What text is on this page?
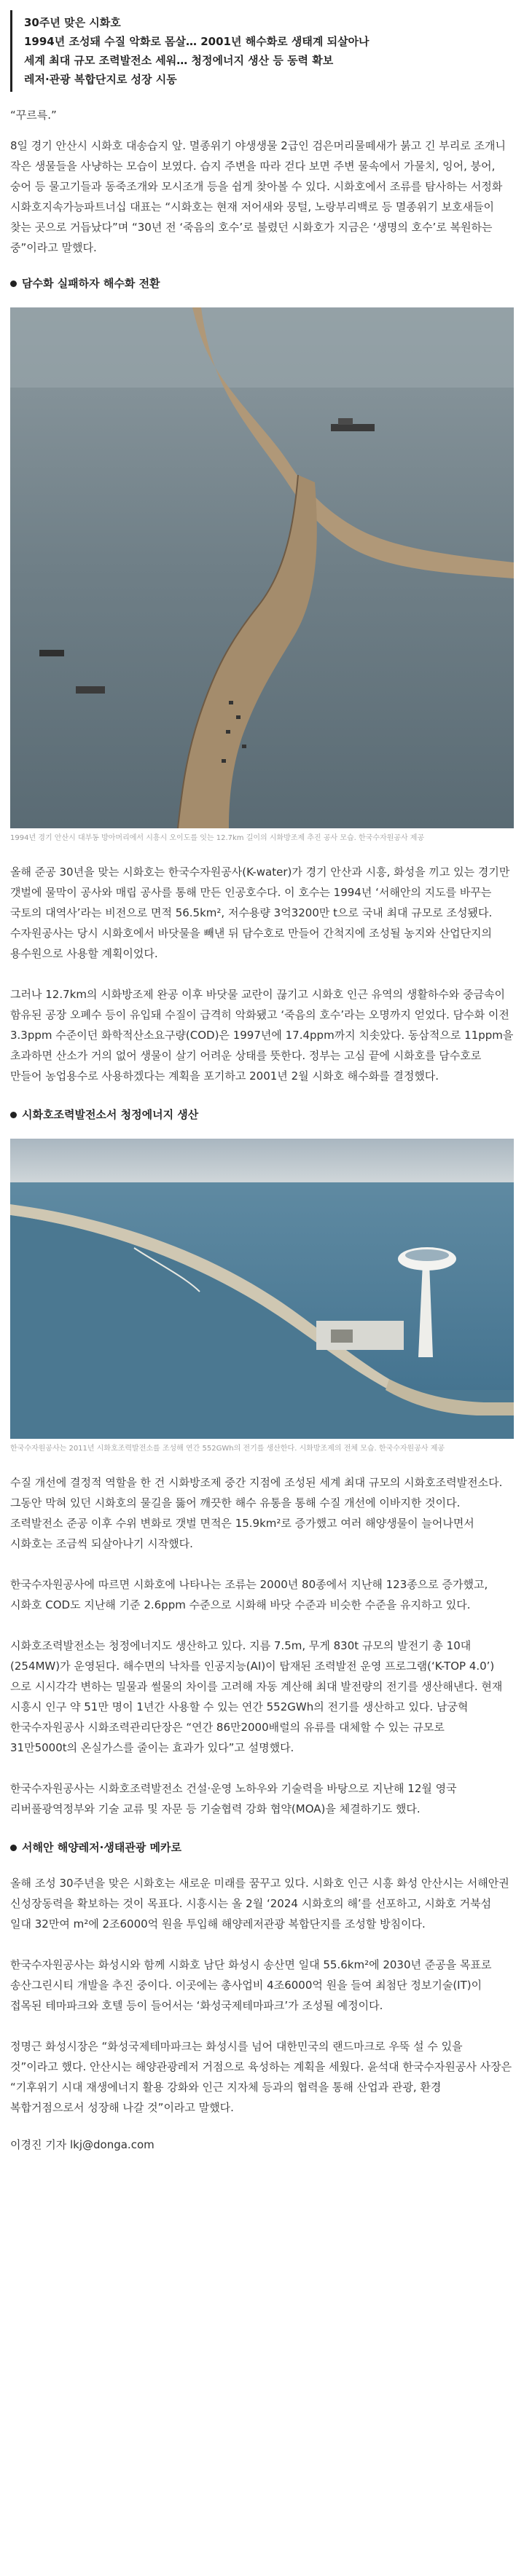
30주년 맞은 시화호
1994년 조성돼 수질 악화로 몸살… 2001년 해수화로 생태계 되살아나
세계 최대 규모 조력발전소 세워… 청정에너지 생산 등 동력 확보
레저·관광 복합단지로 성장 시동

“꾸르륵.”

8일 경기 안산시 시화호 대송습지 앞. 멸종위기 야생생물 2급인 검은머리물떼새가 붉고 긴 부리로 조개니 작은 생물들을 사냥하는 모습이 보였다. 습지 주변을 따라 걷다 보면 주변 물속에서 가물치, 잉어, 붕어, 숭어 등 물고기들과 동죽조개와 모시조개 등을 쉽게 찾아볼 수 있다. 시화호에서 조류를 탐사하는 서정화 시화호지속가능파트너십 대표는 “시화호는 현재 저어새와 뭉털, 노랑부리백로 등 멸종위기 보호새들이 찾는 곳으로 거듭났다”며 “30년 전 ‘죽음의 호수’로 불렸던 시화호가 지금은 ‘생명의 호수’로 복원하는 중”이라고 말했다.

담수화 실패하자 해수화 전환

1994년 경기 안산시 대부동 방아머리에서 시흥시 오이도를 잇는 12.7km 길이의 시화방조제 추진 공사 모습. 한국수자원공사 제공

올해 준공 30년을 맞는 시화호는 한국수자원공사(K-water)가 경기 안산과 시흥, 화성을 끼고 있는 경기만 갯벌에 물막이 공사와 매립 공사를 통해 만든 인공호수다. 이 호수는 1994년 ‘서해안의 지도를 바꾸는 국토의 대역사’라는 비전으로 면적 56.5km², 저수용량 3억3200만 t으로 국내 최대 규모로 조성됐다. 수자원공사는 당시 시화호에서 바닷물을 빼낸 뒤 담수호로 만들어 간척지에 조성될 농지와 산업단지의 용수원으로 사용할 계획이었다.

그러나 12.7km의 시화방조제 완공 이후 바닷물 교란이 끊기고 시화호 인근 유역의 생활하수와 중금속이 함유된 공장 오폐수 등이 유입돼 수질이 급격히 악화됐고 ‘죽음의 호수’라는 오명까지 얻었다. 담수화 이전 3.3ppm 수준이던 화학적산소요구량(COD)은 1997년에 17.4ppm까지 치솟았다. 동삼적으로 11ppm을 초과하면 산소가 거의 없어 생물이 살기 어려운 상태를 뜻한다. 정부는 고심 끝에 시화호를 담수호로 만들어 농업용수로 사용하겠다는 계획을 포기하고 2001년 2월 시화호 해수화를 결정했다.

시화호조력발전소서 청정에너지 생산

한국수자원공사는 2011년 시화호조력발전소를 조성해 연간 552GWh의 전기를 생산한다. 시화방조제의 전체 모습. 한국수자원공사 제공

수질 개선에 결정적 역할을 한 건 시화방조제 중간 지점에 조성된 세계 최대 규모의 시화호조력발전소다. 그동안 막혀 있던 시화호의 물길을 뚫어 깨끗한 해수 유통을 통해 수질 개선에 이바지한 것이다. 조력발전소 준공 이후 수위 변화로 갯벌 면적은 15.9km²로 증가했고 여러 해양생물이 늘어나면서 시화호는 조금씩 되살아나기 시작했다.

한국수자원공사에 따르면 시화호에 나타나는 조류는 2000년 80종에서 지난해 123종으로 증가했고, 시화호 COD도 지난해 기준 2.6ppm 수준으로 시화해 바닷 수준과 비슷한 수준을 유지하고 있다.

시화호조력발전소는 청정에너지도 생산하고 있다. 지름 7.5m, 무게 830t 규모의 발전기 총 10대(254MW)가 운영된다. 해수면의 낙차를 인공지능(AI)이 탑재된 조력발전 운영 프로그램(‘K-TOP 4.0’)으로 시시각각 변하는 밀물과 썰물의 차이를 고려해 자동 계산해 최대 발전량의 전기를 생산해낸다. 현재 시흥시 인구 약 51만 명이 1년간 사용할 수 있는 연간 552GWh의 전기를 생산하고 있다. 남궁혁 한국수자원공사 시화조력관리단장은 “연간 86만2000배럴의 유류를 대체할 수 있는 규모로 31만5000t의 온실가스를 줄이는 효과가 있다”고 설명했다.

한국수자원공사는 시화호조력발전소 건설·운영 노하우와 기술력을 바탕으로 지난해 12월 영국 리버풀광역정부와 기술 교류 및 자문 등 기술협력 강화 협약(MOA)을 체결하기도 했다.

서해안 해양레저·생태관광 메카로

올해 조성 30주년을 맞은 시화호는 새로운 미래를 꿈꾸고 있다. 시화호 인근 시흥 화성 안산시는 서해안권 신성장동력을 확보하는 것이 목표다. 시흥시는 올 2월 ‘2024 시화호의 해’를 선포하고, 시화호 거북섬 일대 32만여 m²에 2조6000억 원을 투입해 해양레저관광 복합단지를 조성할 방침이다.

한국수자원공사는 화성시와 함께 시화호 남단 화성시 송산면 일대 55.6km²에 2030년 준공을 목표로 송산그린시티 개발을 추진 중이다. 이곳에는 총사업비 4조6000억 원을 들여 최첨단 정보기술(IT)이 접목된 테마파크와 호텔 등이 들어서는 ‘화성국제테마파크’가 조성될 예정이다.

정명근 화성시장은 “화성국제테마파크는 화성시를 넘어 대한민국의 랜드마크로 우뚝 설 수 있을 것”이라고 했다. 안산시는 해양관광레저 거점으로 육성하는 계획을 세웠다. 윤석대 한국수자원공사 사장은 “기후위기 시대 재생에너지 활용 강화와 인근 지자체 등과의 협력을 통해 산업과 관광, 환경 복합거점으로서 성장해 나갈 것”이라고 말했다.

이경진 기자 lkj@donga.com
